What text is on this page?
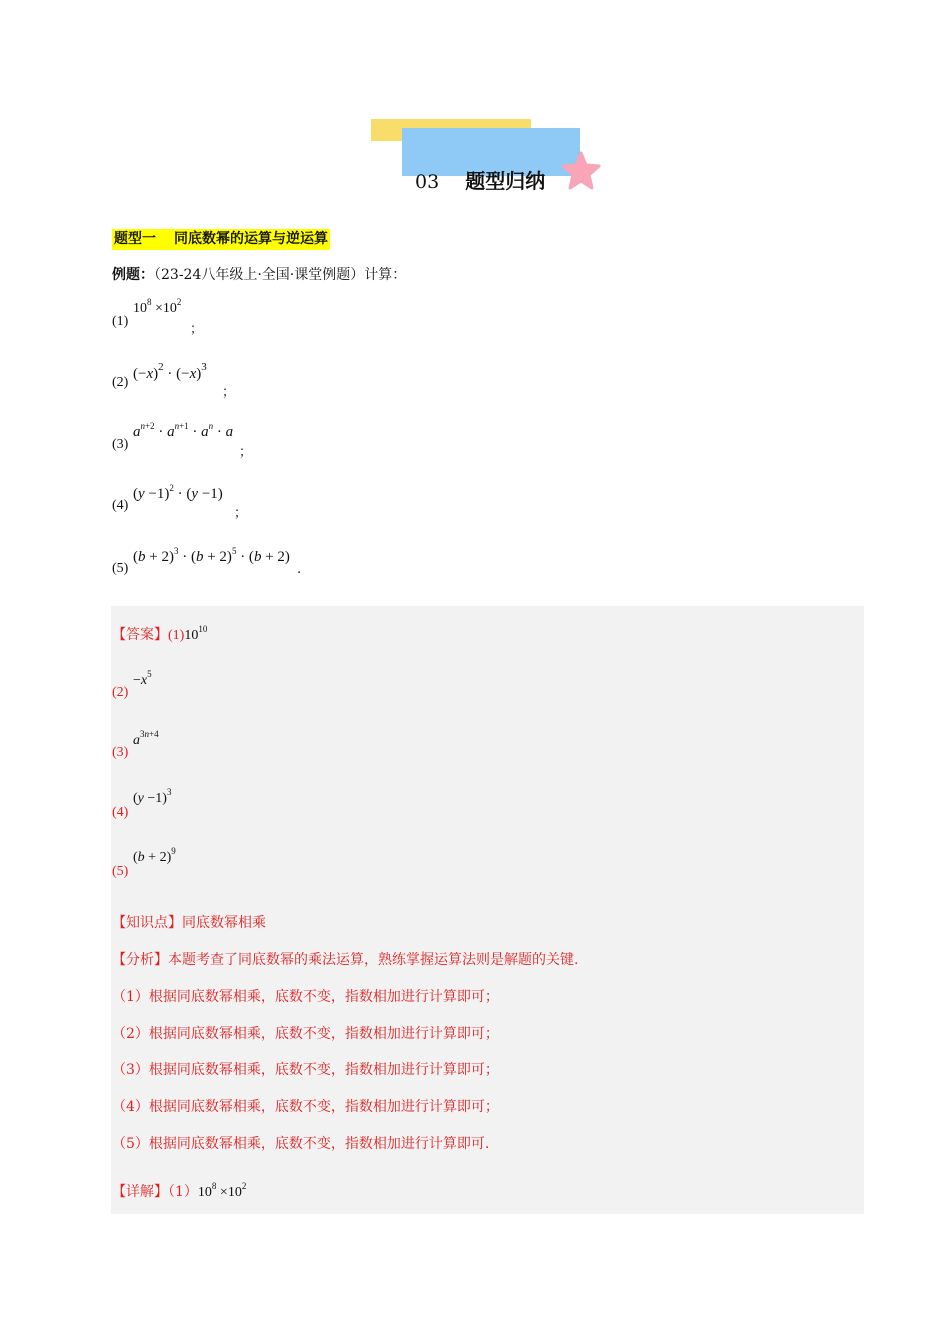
03 题型归纳
题型一 同底数幂的运算与逆运算
例题：（23-24八年级上·全国·课堂例题）计算：
(1)
$10^8 \times 10^2$
；
(2)
$(-x)^2 \cdot (-x)^3$
；
(3)
$a^{n+2} \cdot a^{n+1} \cdot a^n \cdot a$
；
(4)
$(y -1)^2 \cdot (y -1)$
；
(5)
$(b + 2)^3 \cdot (b + 2)^5 \cdot (b + 2)$
.
【答案】$(1)10^{10}$
(2)
$-x^5$
(3)
$a^{3n+4}$
(4)
$(y -1)^3$
(5)
$(b + 2)^9$
【知识点】同底数幂相乘
【分析】本题考查了同底数幂的乘法运算，熟练掌握运算法则是解题的关键.
（1）根据同底数幂相乘，底数不变，指数相加进行计算即可；
（2）根据同底数幂相乘，底数不变，指数相加进行计算即可；
（3）根据同底数幂相乘，底数不变，指数相加进行计算即可；
（4）根据同底数幂相乘，底数不变，指数相加进行计算即可；
（5）根据同底数幂相乘，底数不变，指数相加进行计算即可.
【详解】$(1)10^8 \times 10^2$
